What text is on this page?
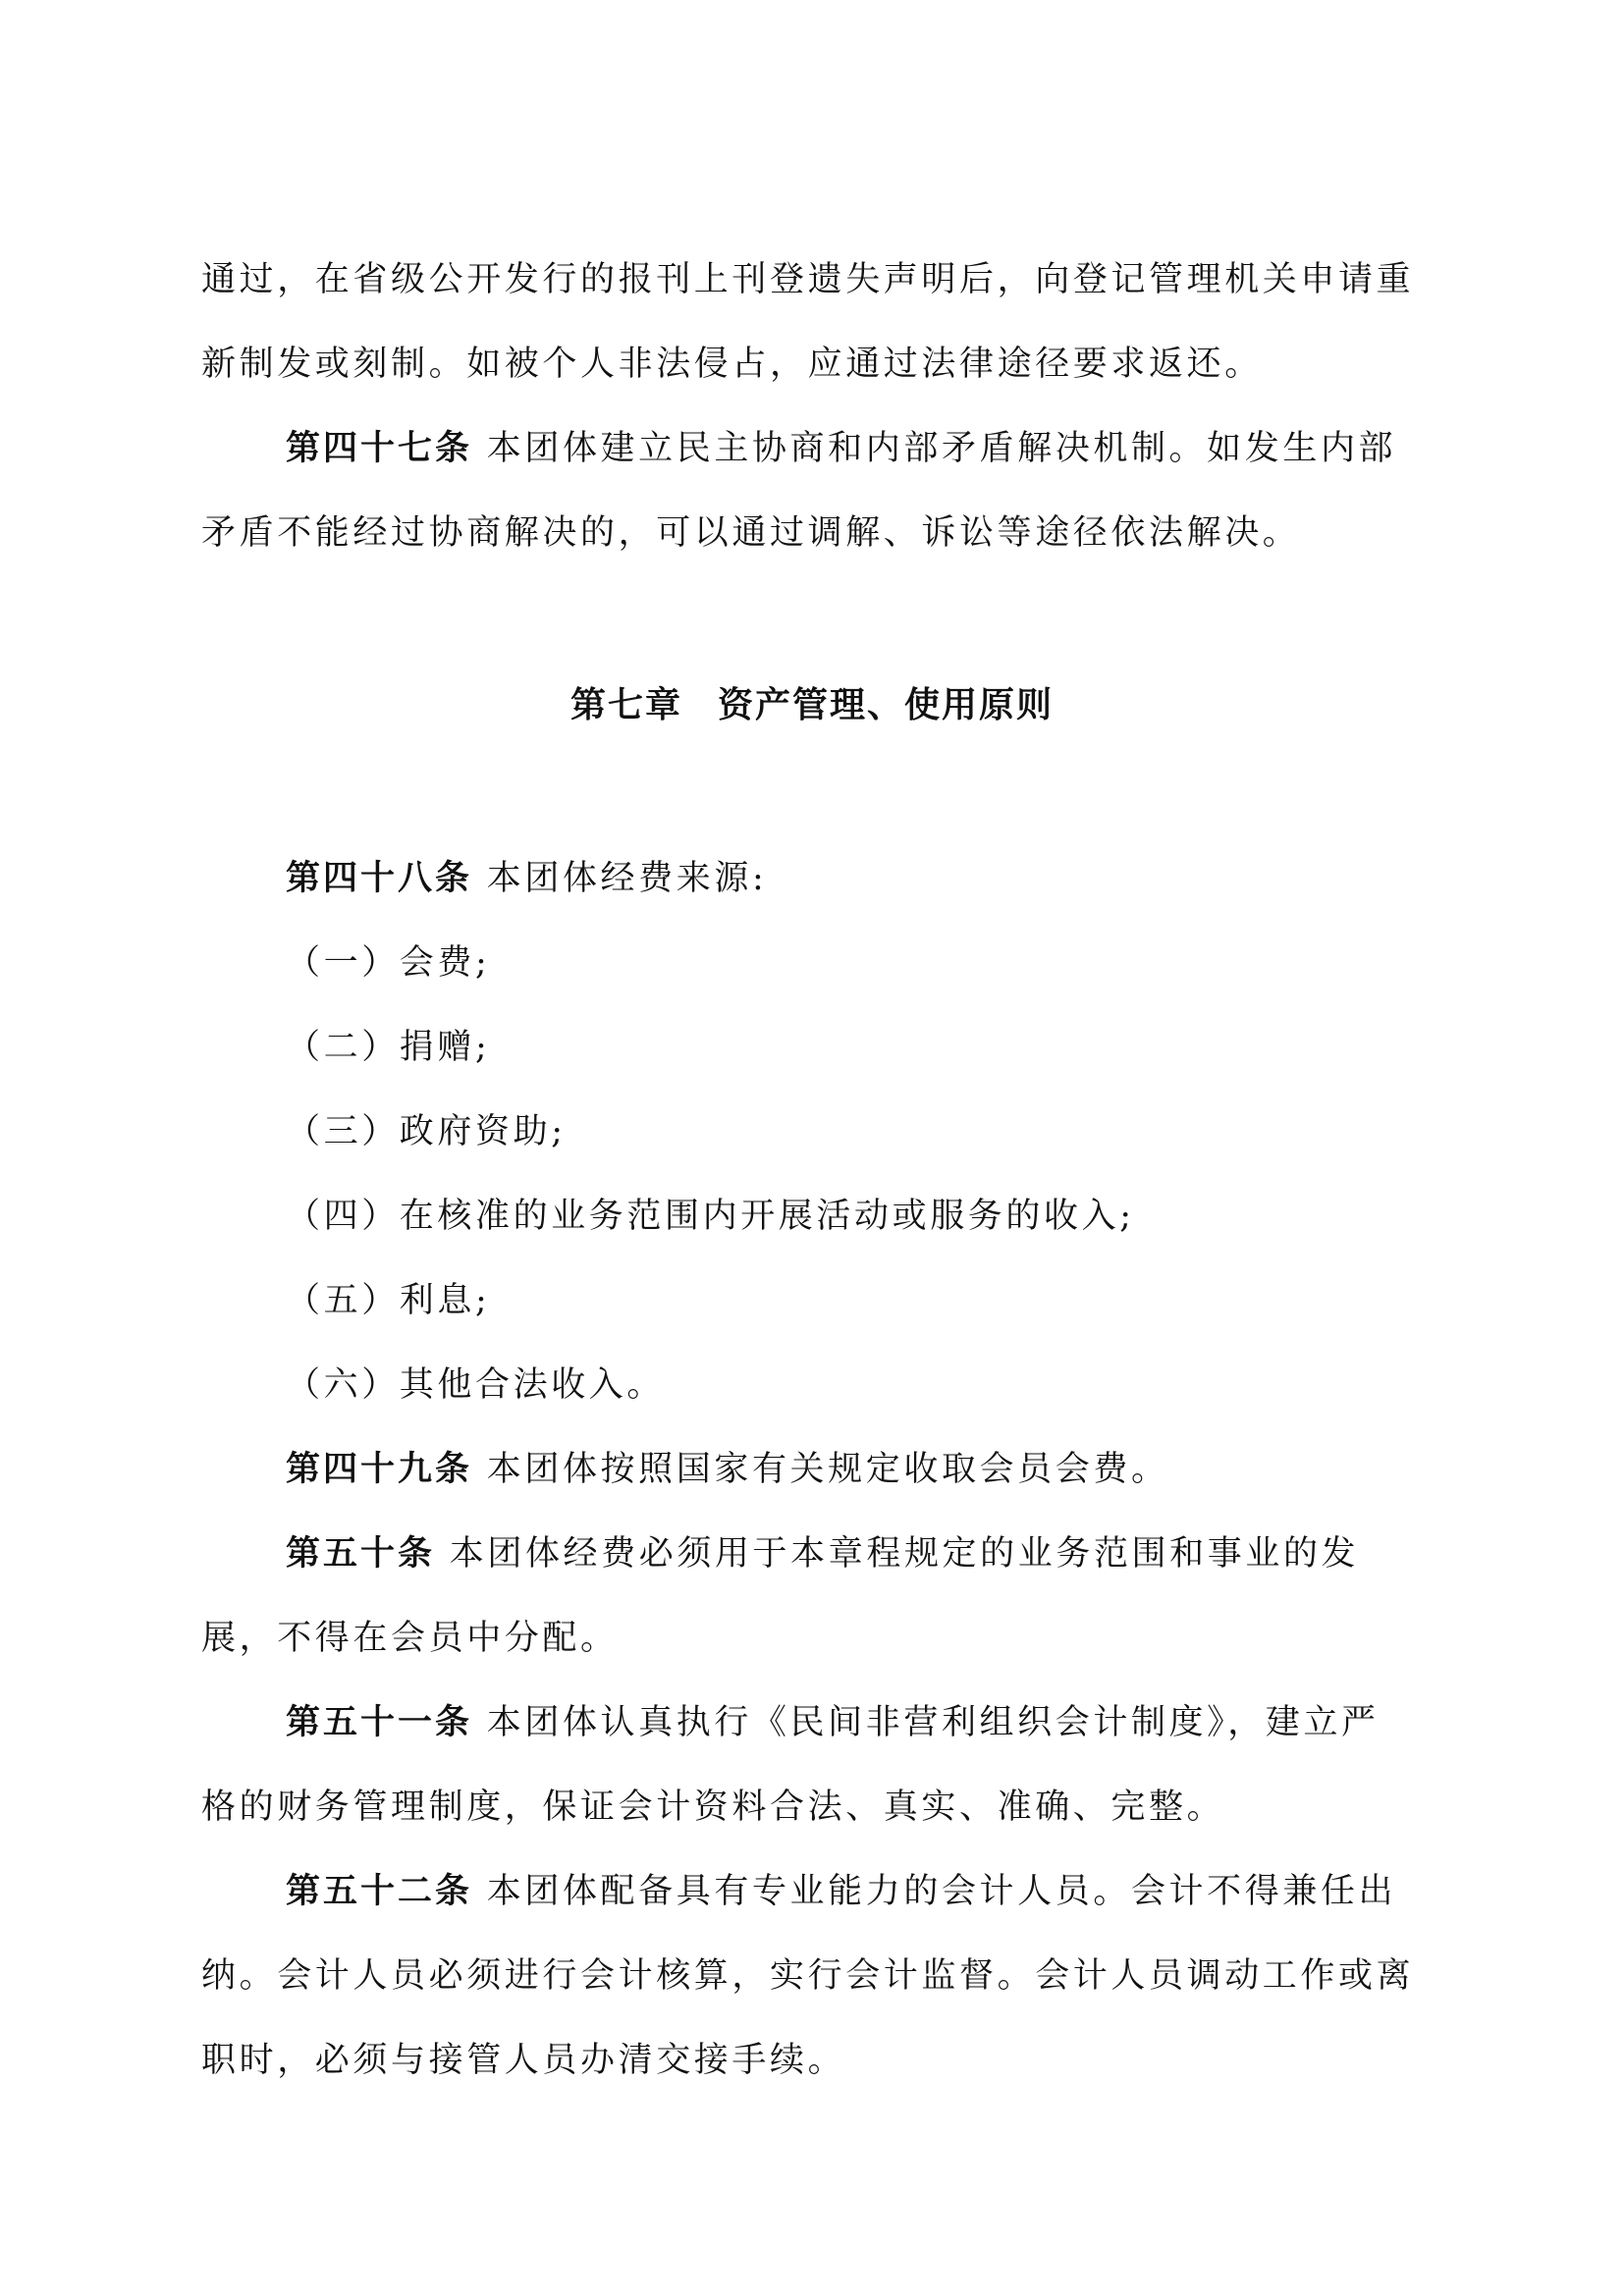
通过，在省级公开发行的报刊上刊登遗失声明后，向登记管理机关申请重
新制发或刻制。如被个人非法侵占，应通过法律途径要求返还。
第四十七条 本团体建立民主协商和内部矛盾解决机制。如发生内部
矛盾不能经过协商解决的，可以通过调解、诉讼等途径依法解决。
第七章 资产管理、使用原则
第四十八条 本团体经费来源:
（一）会费;
（二）捐赠;
（三）政府资助;
（四）在核准的业务范围内开展活动或服务的收入;
（五）利息;
（六）其他合法收入。
第四十九条 本团体按照国家有关规定收取会员会费。
第五十条 本团体经费必须用于本章程规定的业务范围和事业的发
展，不得在会员中分配。
第五十一条 本团体认真执行《民间非营利组织会计制度》，建立严
格的财务管理制度，保证会计资料合法、真实、准确、完整。
第五十二条 本团体配备具有专业能力的会计人员。会计不得兼任出
纳。会计人员必须进行会计核算，实行会计监督。会计人员调动工作或离
职时，必须与接管人员办清交接手续。
